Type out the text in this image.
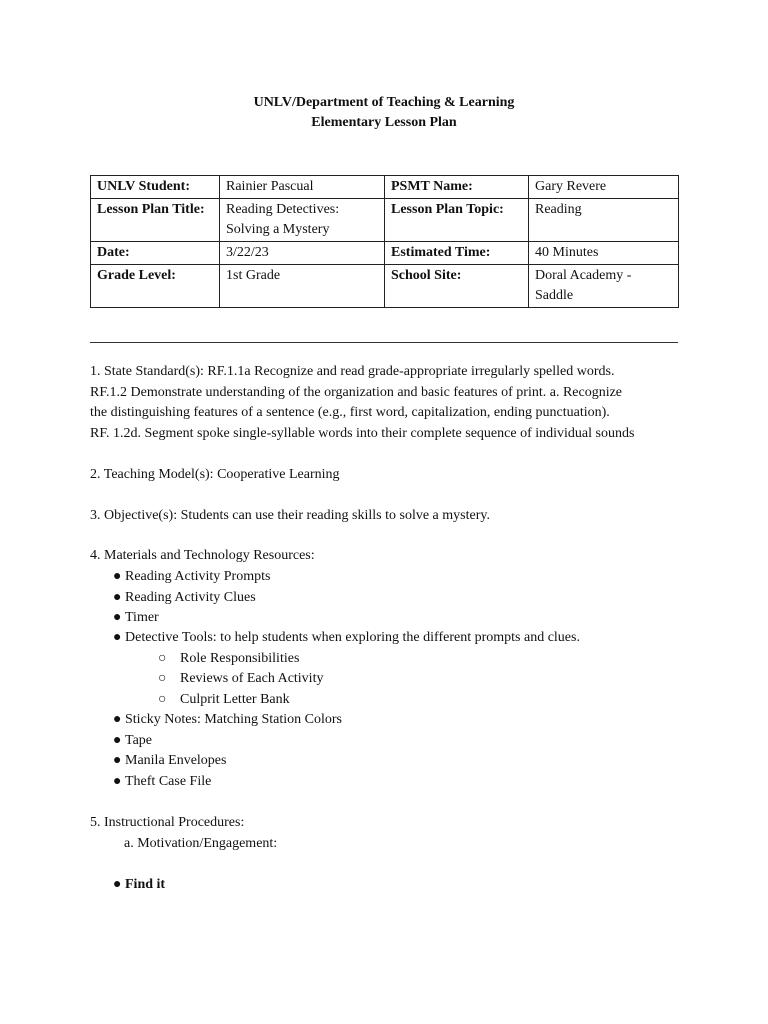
UNLV/Department of Teaching & Learning
Elementary Lesson Plan
UNLV Student:	Rainier Pascual	PSMT Name:	Gary Revere
Lesson Plan Title:	Reading Detectives: Solving a Mystery	Lesson Plan Topic:	Reading
Date:	3/22/23	Estimated Time:	40 Minutes
Grade Level:	1st Grade	School Site:	Doral Academy - Saddle
1. State Standard(s): RF.1.1a Recognize and read grade-appropriate irregularly spelled words.
RF.1.2 Demonstrate understanding of the organization and basic features of print. a. Recognize
the distinguishing features of a sentence (e.g., first word, capitalization, ending punctuation).
RF. 1.2d. Segment spoke single-syllable words into their complete sequence of individual sounds
2. Teaching Model(s): Cooperative Learning
3. Objective(s): Students can use their reading skills to solve a mystery.
4. Materials and Technology Resources:
● Reading Activity Prompts
● Reading Activity Clues
● Timer
● Detective Tools: to help students when exploring the different prompts and clues.
○ Role Responsibilities
○ Reviews of Each Activity
○ Culprit Letter Bank
● Sticky Notes: Matching Station Colors
● Tape
● Manila Envelopes
● Theft Case File
5. Instructional Procedures:
a. Motivation/Engagement:
● Find it
